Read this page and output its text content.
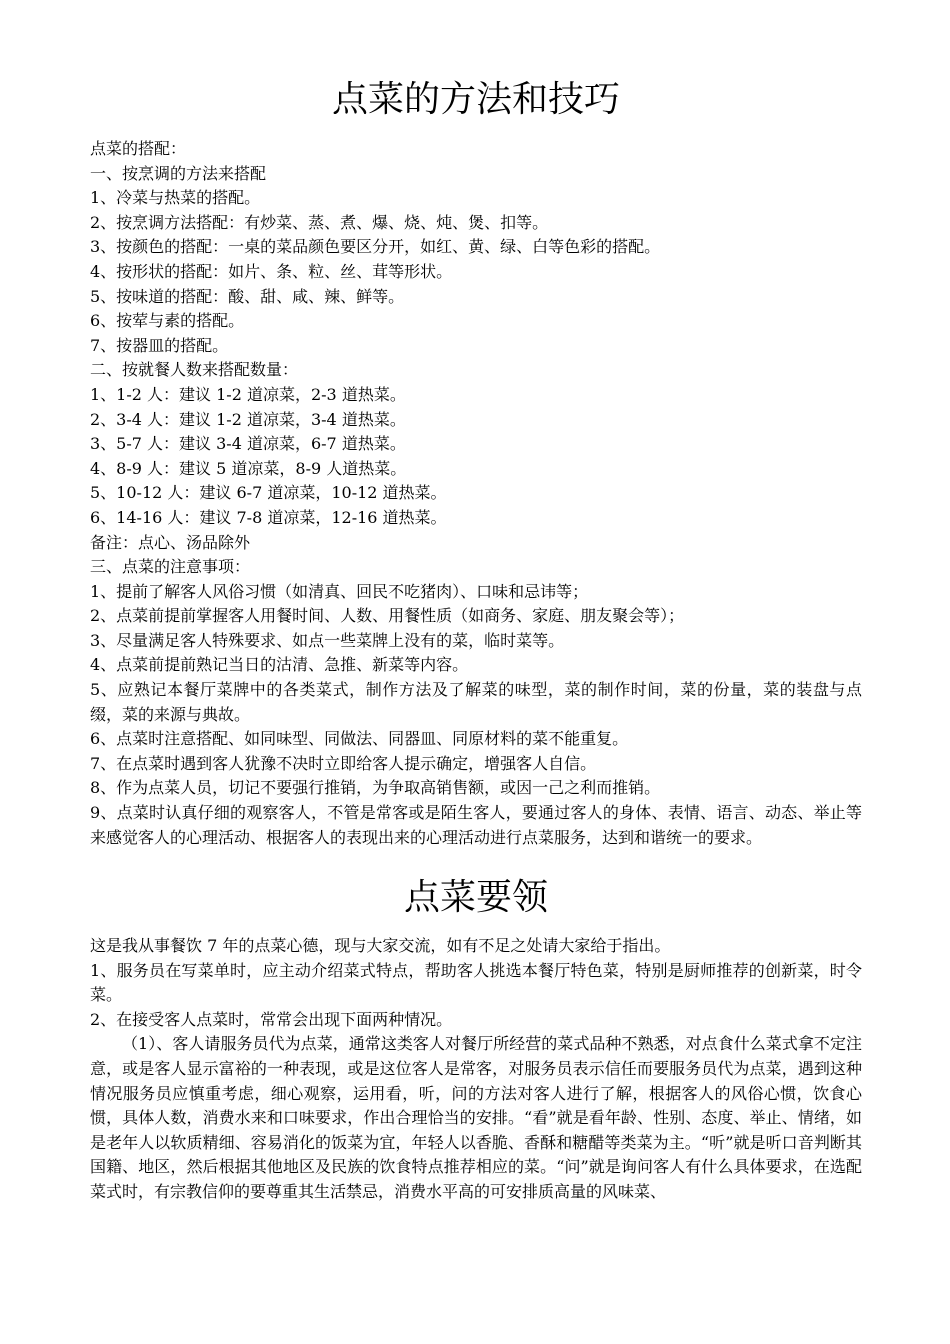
点菜的方法和技巧
点菜的搭配：
一、按烹调的方法来搭配
1、冷菜与热菜的搭配。
2、按烹调方法搭配：有炒菜、蒸、煮、爆、烧、炖、煲、扣等。
3、按颜色的搭配：一桌的菜品颜色要区分开，如红、黄、绿、白等色彩的搭配。
4、按形状的搭配：如片、条、粒、丝、茸等形状。
5、按味道的搭配：酸、甜、咸、辣、鲜等。
6、按荤与素的搭配。
7、按器皿的搭配。
二、按就餐人数来搭配数量：
1、1-2 人：建议 1-2 道凉菜，2-3 道热菜。
2、3-4 人：建议 1-2 道凉菜，3-4 道热菜。
3、5-7 人：建议 3-4 道凉菜，6-7 道热菜。
4、8-9 人：建议 5 道凉菜，8-9 人道热菜。
5、10-12 人：建议 6-7 道凉菜，10-12 道热菜。
6、14-16 人：建议 7-8 道凉菜，12-16 道热菜。
备注：点心、汤品除外
三、点菜的注意事项：
1、提前了解客人风俗习惯（如清真、回民不吃猪肉）、口味和忌讳等；
2、点菜前提前掌握客人用餐时间、人数、用餐性质（如商务、家庭、朋友聚会等）；
3、尽量满足客人特殊要求、如点一些菜牌上没有的菜，临时菜等。
4、点菜前提前熟记当日的沽清、急推、新菜等内容。
5、应熟记本餐厅菜牌中的各类菜式，制作方法及了解菜的味型，菜的制作时间，菜的份量，菜的装盘与点缀，菜的来源与典故。
6、点菜时注意搭配、如同味型、同做法、同器皿、同原材料的菜不能重复。
7、在点菜时遇到客人犹豫不决时立即给客人提示确定，增强客人自信。
8、作为点菜人员，切记不要强行推销，为争取高销售额，或因一己之利而推销。
9、点菜时认真仔细的观察客人，不管是常客或是陌生客人，要通过客人的身体、表情、语言、动态、举止等来感觉客人的心理活动、根据客人的表现出来的心理活动进行点菜服务，达到和谐统一的要求。
点菜要领
这是我从事餐饮 7 年的点菜心德，现与大家交流，如有不足之处请大家给于指出。
1、服务员在写菜单时，应主动介绍菜式特点，帮助客人挑选本餐厅特色菜，特别是厨师推荐的创新菜，时令菜。
2、在接受客人点菜时，常常会出现下面两种情况。
（1）、客人请服务员代为点菜，通常这类客人对餐厅所经营的菜式品种不熟悉，对点食什么菜式拿不定注意，或是客人显示富裕的一种表现，或是这位客人是常客，对服务员表示信任而要服务员代为点菜，遇到这种情况服务员应慎重考虑，细心观察，运用看，听，问的方法对客人进行了解，根据客人的风俗心惯，饮食心惯，具体人数，消费水来和口味要求，作出合理恰当的安排。“看”就是看年龄、性别、态度、举止、情绪，如是老年人以软质精细、容易消化的饭菜为宜，年轻人以香脆、香酥和糖醋等类菜为主。“听”就是听口音判断其国籍、地区，然后根据其他地区及民族的饮食特点推荐相应的菜。“问”就是询问客人有什么具体要求，在选配菜式时，有宗教信仰的要尊重其生活禁忌，消费水平高的可安排质高量的风味菜、
